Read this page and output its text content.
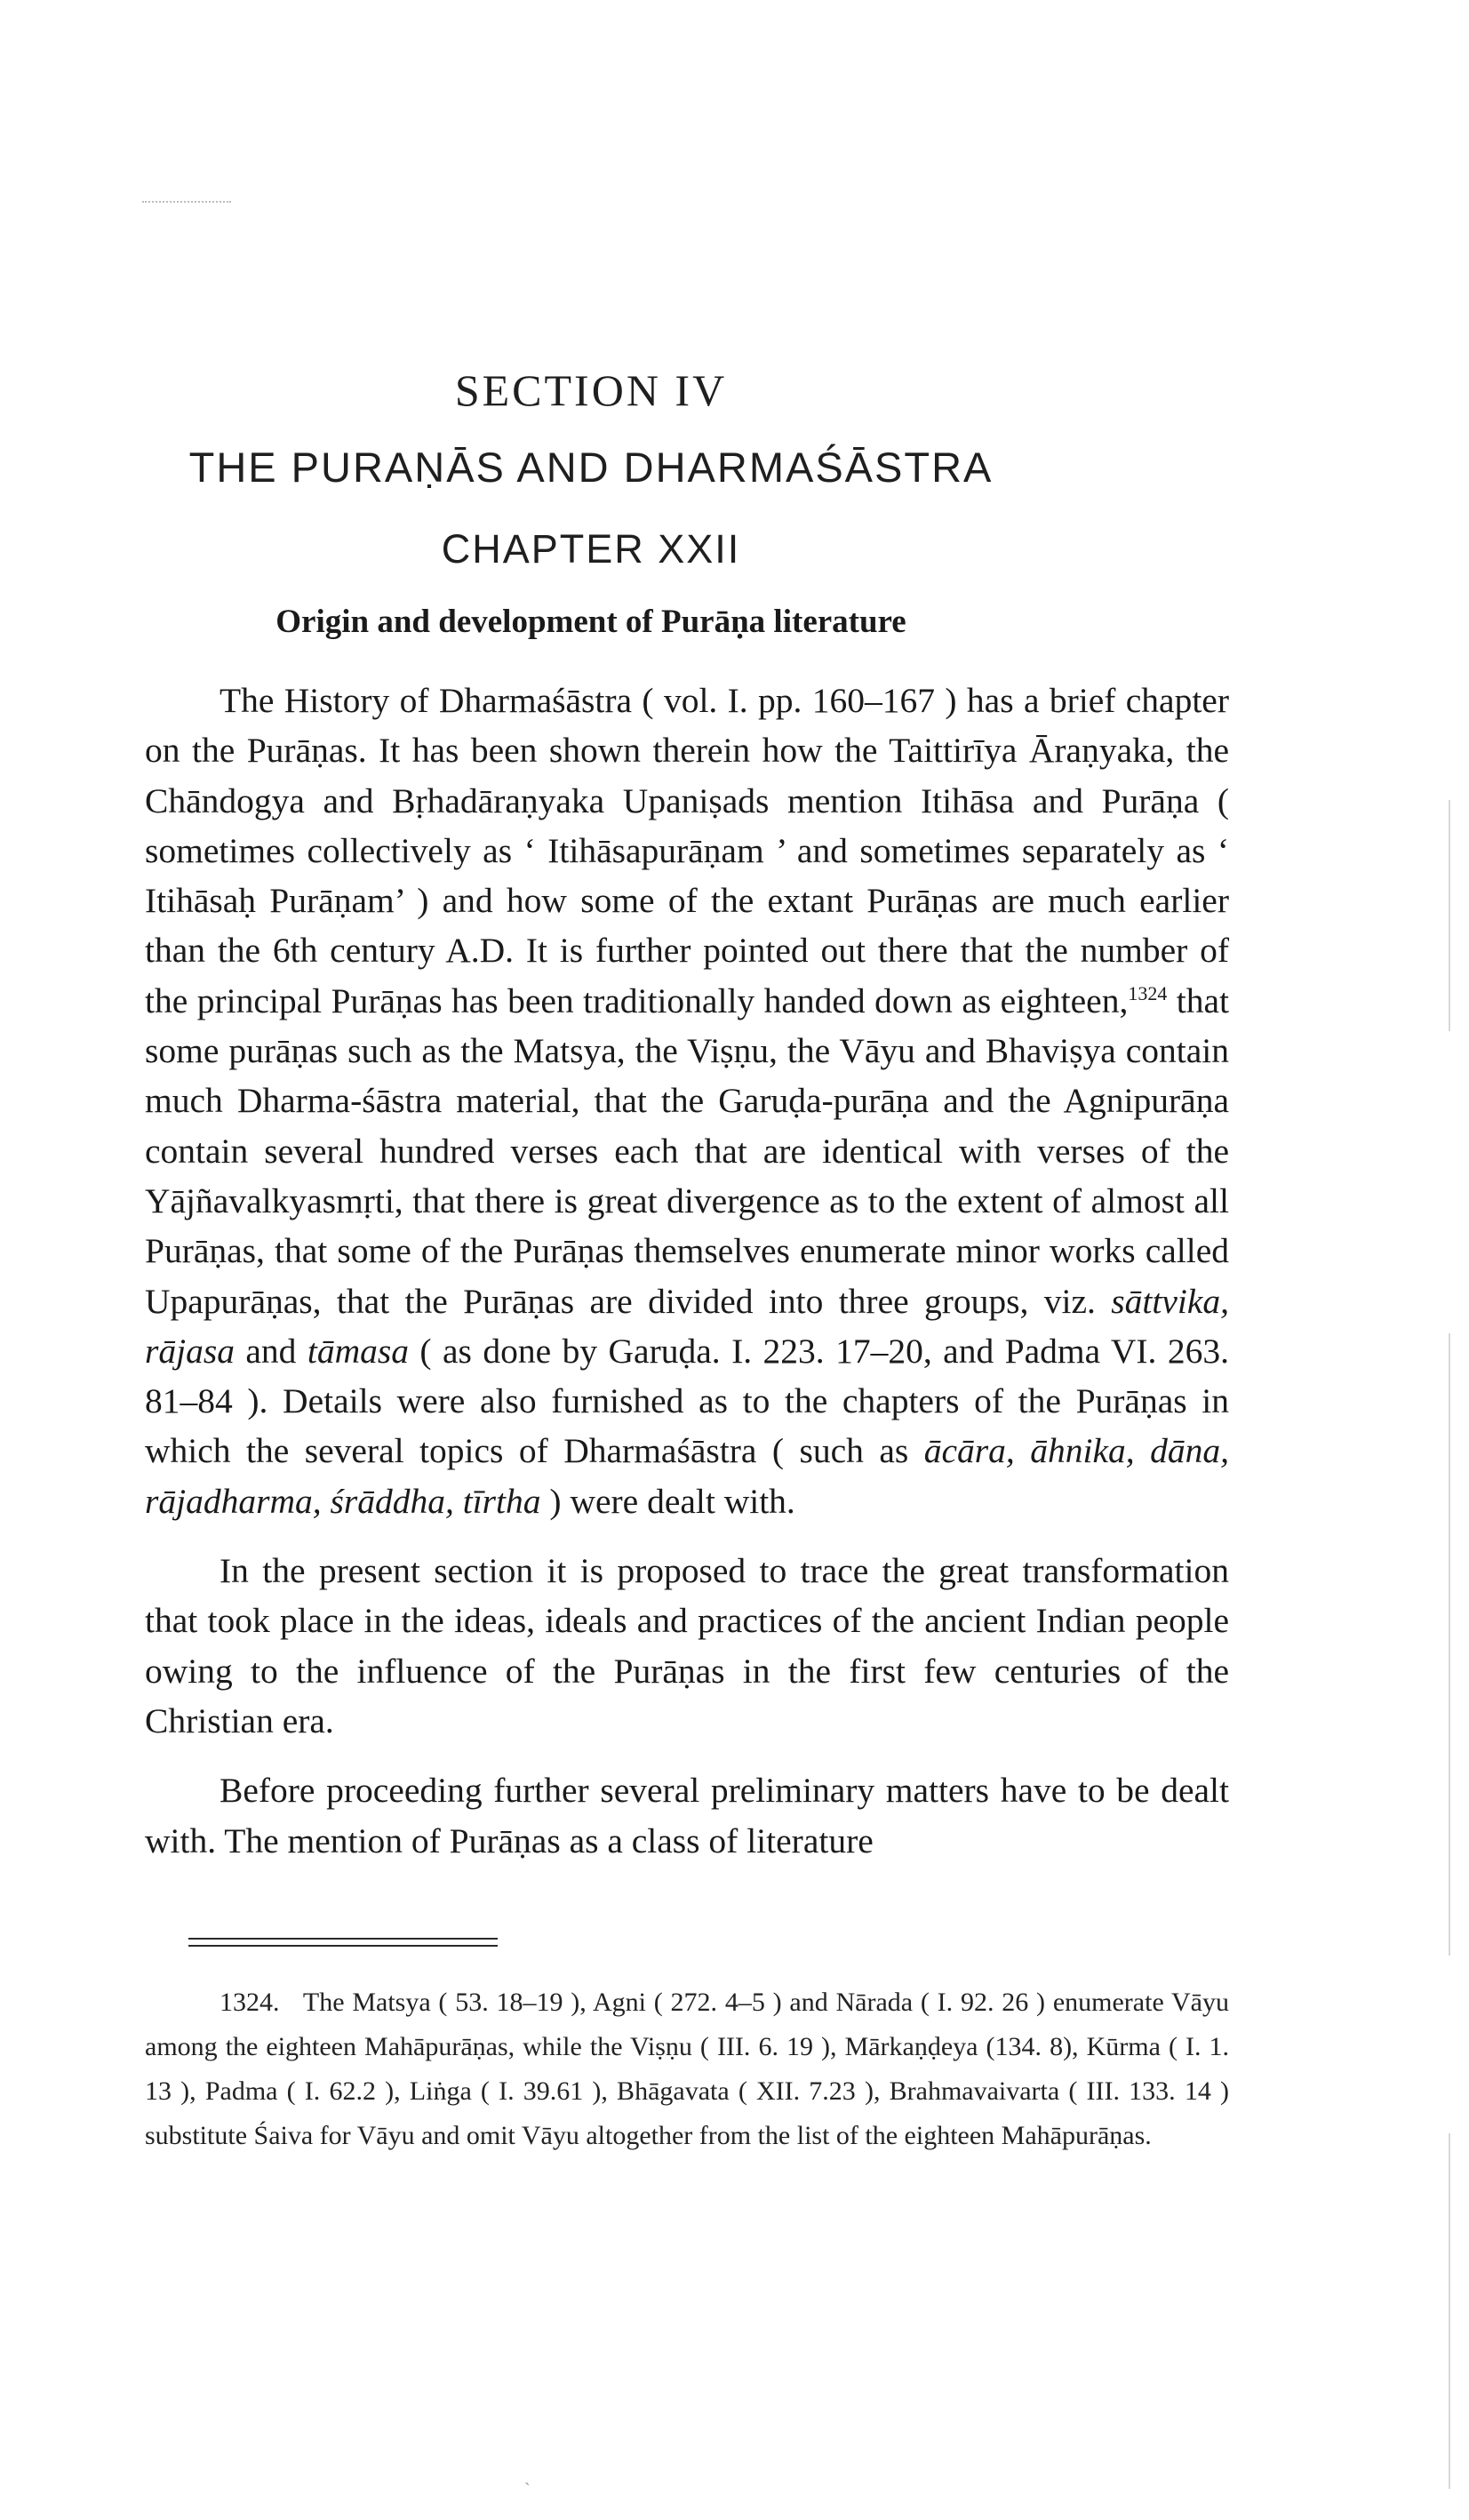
SECTION IV
THE PURAṆĀS AND DHARMAŚĀSTRA
CHAPTER XXII
Origin and development of Purāṇa literature

The History of Dharmaśāstra ( vol. I. pp. 160–167 ) has a brief chapter on the Purāṇas. It has been shown therein how the Taittirīya Āraṇyaka, the Chāndogya and Bṛhadāraṇyaka Upaniṣads mention Itihāsa and Purāṇa ( sometimes collectively as ‘ Itihāsapurāṇam ’ and sometimes separately as ‘ Itihāsaḥ Purāṇam’ ) and how some of the extant Purāṇas are much earlier than the 6th century A.D. It is further pointed out there that the number of the principal Purāṇas has been traditionally handed down as eighteen,$^{1324}$ that some purāṇas such as the Matsya, the Viṣṇu, the Vāyu and Bhaviṣya contain much Dharma-śāstra material, that the Garuḍa-purāṇa and the Agnipurāṇa contain several hundred verses each that are identical with verses of the Yājñavalkyasmṛti, that there is great divergence as to the extent of almost all Purāṇas, that some of the Purāṇas themselves enumerate minor works called Upapurāṇas, that the Purāṇas are divided into three groups, viz. sāttvika, rājasa and tāmasa ( as done by Garuḍa. I. 223. 17–20, and Padma VI. 263. 81–84 ). Details were also furnished as to the chapters of the Purāṇas in which the several topics of Dharmaśāstra ( such as ācāra, āhnika, dāna, rājadharma, śrāddha, tīrtha ) were dealt with.

In the present section it is proposed to trace the great transformation that took place in the ideas, ideals and practices of the ancient Indian people owing to the influence of the Purāṇas in the first few centuries of the Christian era.

Before proceeding further several preliminary matters have to be dealt with. The mention of Purāṇas as a class of literature

1324. The Matsya ( 53. 18–19 ), Agni ( 272. 4–5 ) and Nārada ( I. 92. 26 ) enumerate Vāyu among the eighteen Mahāpurāṇas, while the Viṣṇu ( III. 6. 19 ), Mārkaṇḍeya (134. 8), Kūrma ( I. 1. 13 ), Padma ( I. 62.2 ), Liṅga ( I. 39.61 ), Bhāgavata ( XII. 7.23 ), Brahmavaivarta ( III. 133. 14 ) substitute Śaiva for Vāyu and omit Vāyu altogether from the list of the eighteen Mahāpurāṇas.
ˋ
